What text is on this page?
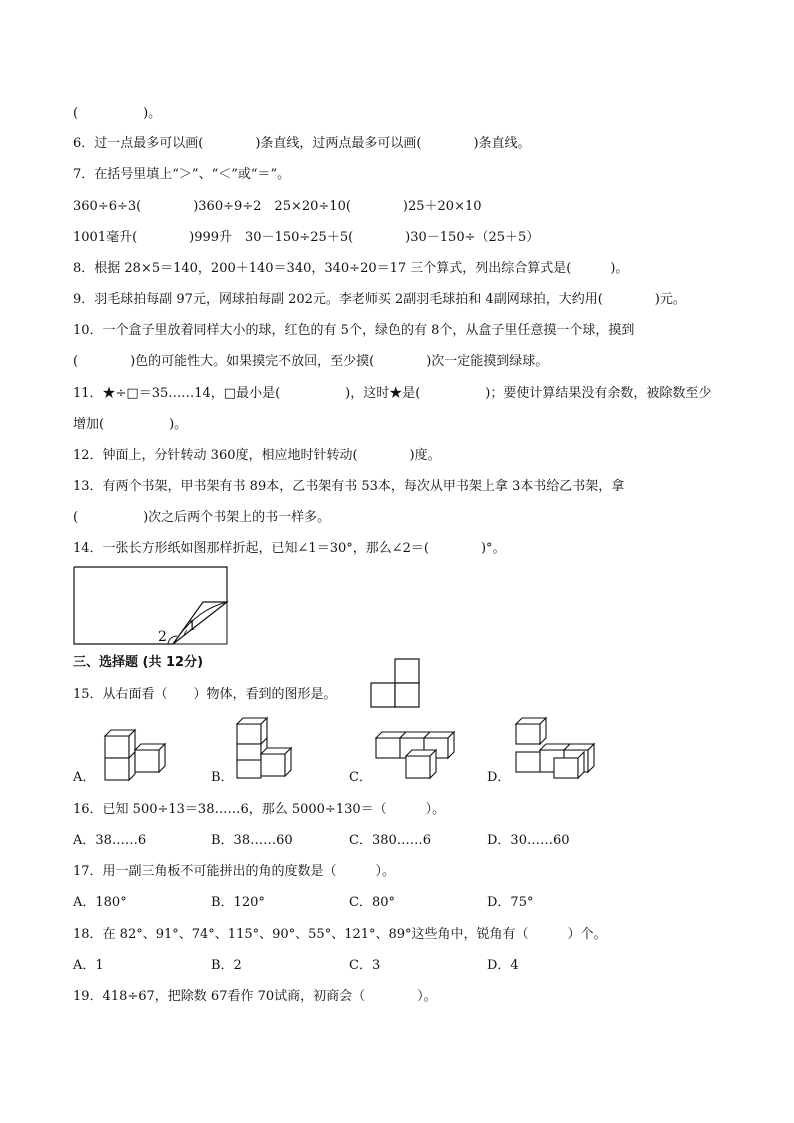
(　　　　　)。
6．过一点最多可以画(　　　　)条直线，过两点最多可以画(　　　　)条直线。
7．在括号里填上“＞”、“＜”或“＝”。
360÷6÷3(　　　　)360÷9÷2　25×20÷10(　　　　)25＋20×10
1001毫升(　　　　)999升　30－150÷25＋5(　　　　)30－150÷（25＋5）
8．根据 28×5＝140，200＋140＝340，340÷20＝17 三个算式，列出综合算式是(　　　)。
9．羽毛球拍每副 97元，网球拍每副 202元。李老师买 2副羽毛球拍和 4副网球拍，大约用(　　　　)元。
10．一个盒子里放着同样大小的球，红色的有 5个，绿色的有 8个，从盒子里任意摸一个球，摸到
(　　　　)色的可能性大。如果摸完不放回，至少摸(　　　　)次一定能摸到绿球。
11．★÷□＝35……14，□最小是(　　　　　)，这时★是(　　　　　)；要使计算结果没有余数，被除数至少
增加(　　　　　)。
12．钟面上，分针转动 360度，相应地时针转动(　　　　)度。
13．有两个书架，甲书架有书 89本，乙书架有书 53本，每次从甲书架上拿 3本书给乙书架，拿
(　　　　　)次之后两个书架上的书一样多。
14．一张长方形纸如图那样折起，已知∠1＝30°，那么∠2＝(　　　　)°。
2
1
三、选择题 (共 12分)
15．从右面看（　　）物体，看到的图形是。
A．	B．	C．	D．
16．已知 500÷13＝38……6，那么 5000÷130＝（　　　）。
A．38……6	B．38……60	C．380……6	D．30……60
17．用一副三角板不可能拼出的角的度数是（　　　）。
A．180°	B．120°	C．80°	D．75°
18．在 82°、91°、74°、115°、90°、55°、121°、89°这些角中，锐角有（　　　）个。
A．1	B．2	C．3	D．4
19．418÷67，把除数 67看作 70试商，初商会（　　　　）。
